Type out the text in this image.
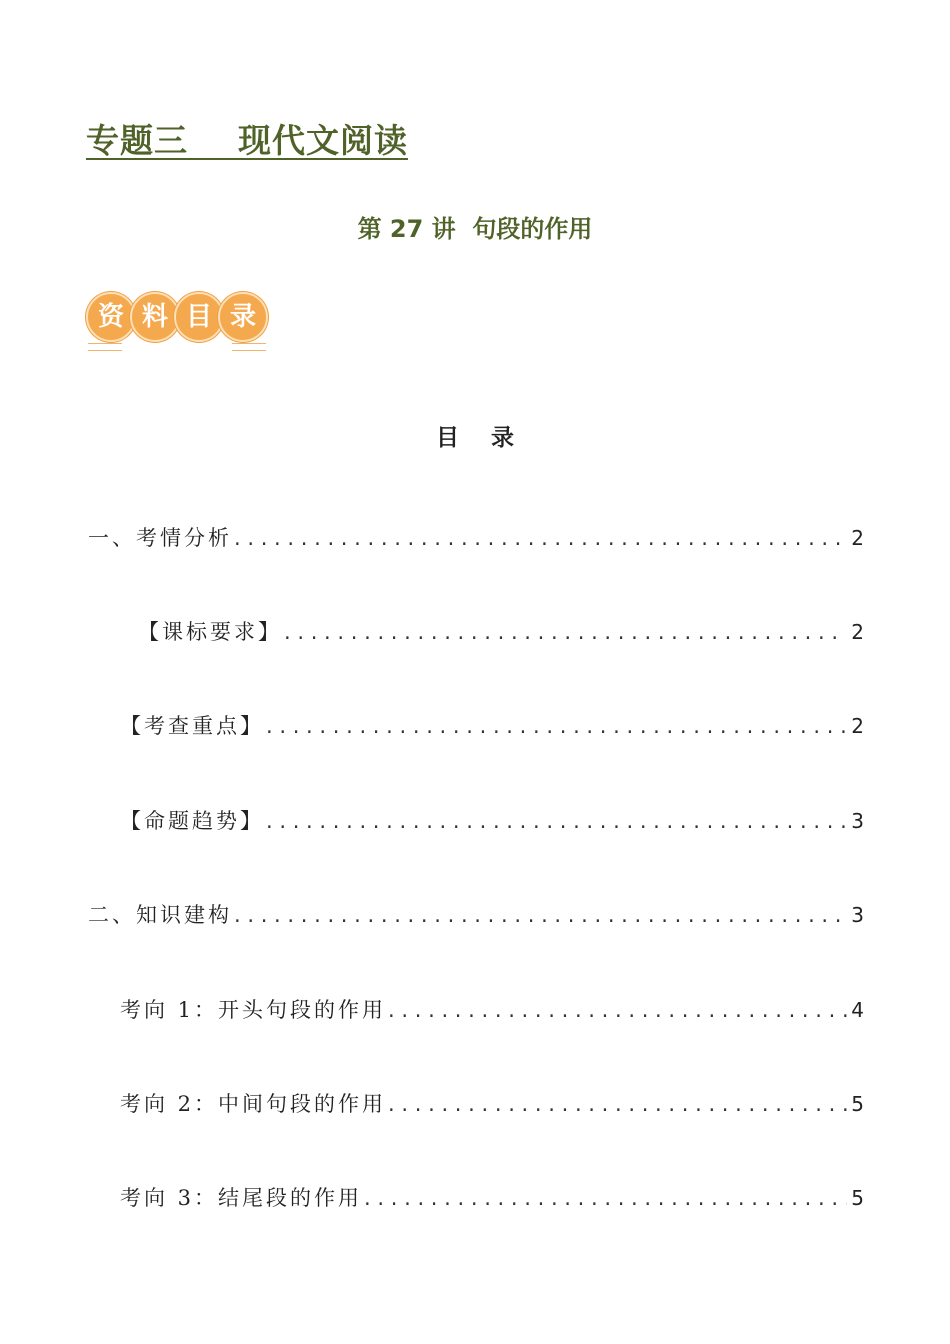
专题三    现代文阅读
第 27 讲  句段的作用
资 料 目 录
目    录
一、考情分析 . . .	2
【课标要求】 . . .	2
【考查重点】 . . .	2
【命题趋势】 . . .	3
二、知识建构 . . .	3
考向 1：开头句段的作用 . . .	4
考向 2：中间句段的作用 . . .	5
考向 3：结尾段的作用 . . .	5
